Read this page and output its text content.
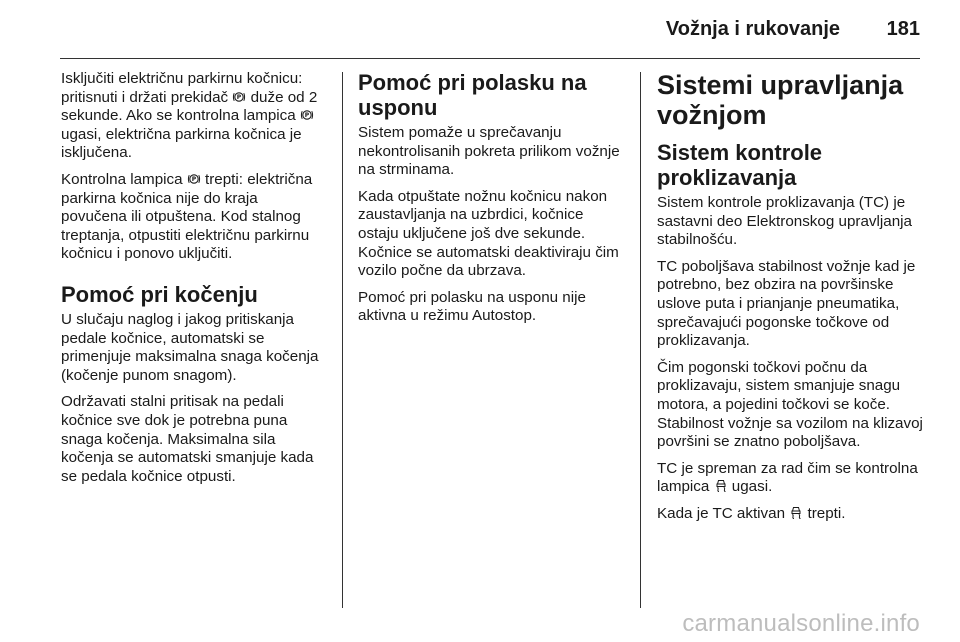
Vožnja i rukovanje 181

Isključiti električnu parkirnu kočnicu: pritisnuti i držati prekidač P duže od 2 sekunde. Ako se kontrolna lampica P
ugasi, električna parkirna kočnica je isključena.

Kontrolna lampica P trepti: električna parkirna kočnica nije do kraja povučena ili otpuštena. Kod stalnog treptanja, otpustiti električnu parkirnu kočnicu i ponovo uključiti.

Pomoć pri kočenju

U slučaju naglog i jakog pritiskanja pedale kočnice, automatski se primenjuje maksimalna snaga kočenja (kočenje punom snagom).

Održavati stalni pritisak na pedali kočnice sve dok je potrebna puna snaga kočenja. Maksimalna sila kočenja se automatski smanjuje kada se pedala kočnice otpusti.

Pomoć pri polasku na usponu

Sistem pomaže u sprečavanju nekontrolisanih pokreta prilikom vožnje na strminama.

Kada otpuštate nožnu kočnicu nakon zaustavljanja na uzbrdici, kočnice ostaju uključene još dve sekunde. Kočnice se automatski deaktiviraju čim vozilo počne da ubrzava.

Pomoć pri polasku na usponu nije aktivna u režimu Autostop.

Sistemi upravljanja vožnjom
Sistem kontrole proklizavanja

Sistem kontrole proklizavanja (TC) je sastavni deo Elektronskog upravljanja stabilnošću.

TC poboljšava stabilnost vožnje kad je potrebno, bez obzira na površinske uslove puta i prianjanje pneumatika, sprečavajući pogonske točkove od proklizavanja.

Čim pogonski točkovi počnu da proklizavaju, sistem smanjuje snagu motora, a pojedini točkovi se koče. Stabilnost vožnje sa vozilom na klizavoj površini se znatno poboljšava.

TC je spreman za rad čim se kontrolna lampica
ugasi.

Kada je TC aktivan
trepti.

carmanualsonline.info
